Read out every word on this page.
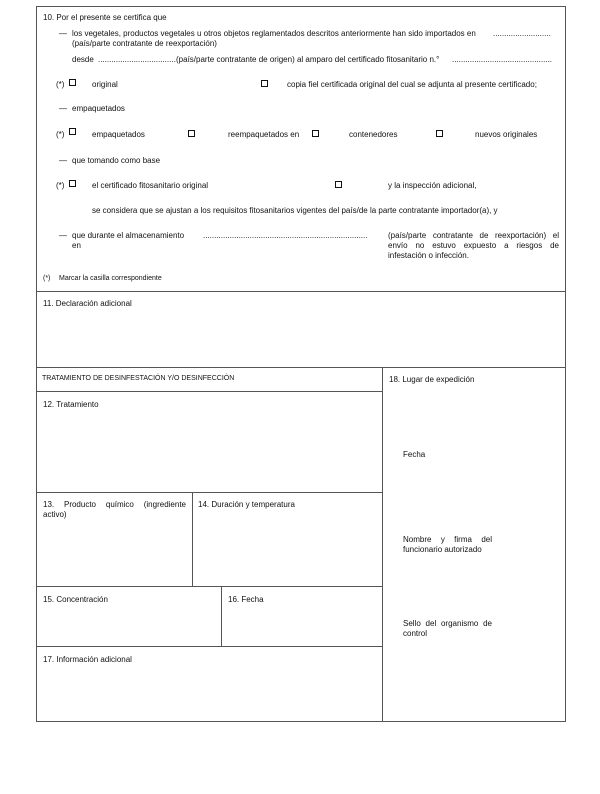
10. Por el presente se certifica que
— los vegetales, productos vegetales u otros objetos reglamentados descritos anteriormente han sido importados en ..........................
(país/parte contratante de reexportación)
desde ................................... (país/parte contratante de origen) al amparo del certificado fitosanitario n.° .............................................
(*)	original	copia fiel certificada original del cual se adjunta al presente certificado;
— empaquetados
(*)	empaquetados	reempaquetados en	contenedores	nuevos originales
— que tomando como base
(*)	el certificado fitosanitario original	y la inspección adicional,
se considera que se ajustan a los requisitos fitosanitarios vigentes del país/de la parte contratante importador(a), y
— que durante el almacenamiento
en
..........................................................................	(país/parte contratante de reexportación) el
envío no estuvo expuesto a riesgos de
infestación o infección.
(*) Marcar la casilla correspondiente
11. Declaración adicional
TRATAMIENTO DE DESINFESTACIÓN Y/O DESINFECCIÓN
12. Tratamiento
13. Producto químico (ingrediente activo)
14. Duración y temperatura
15. Concentración	16. Fecha
17. Información adicional
18. Lugar de expedición
Fecha
Nombre y firma del funcionario autorizado
Sello del organismo de control
